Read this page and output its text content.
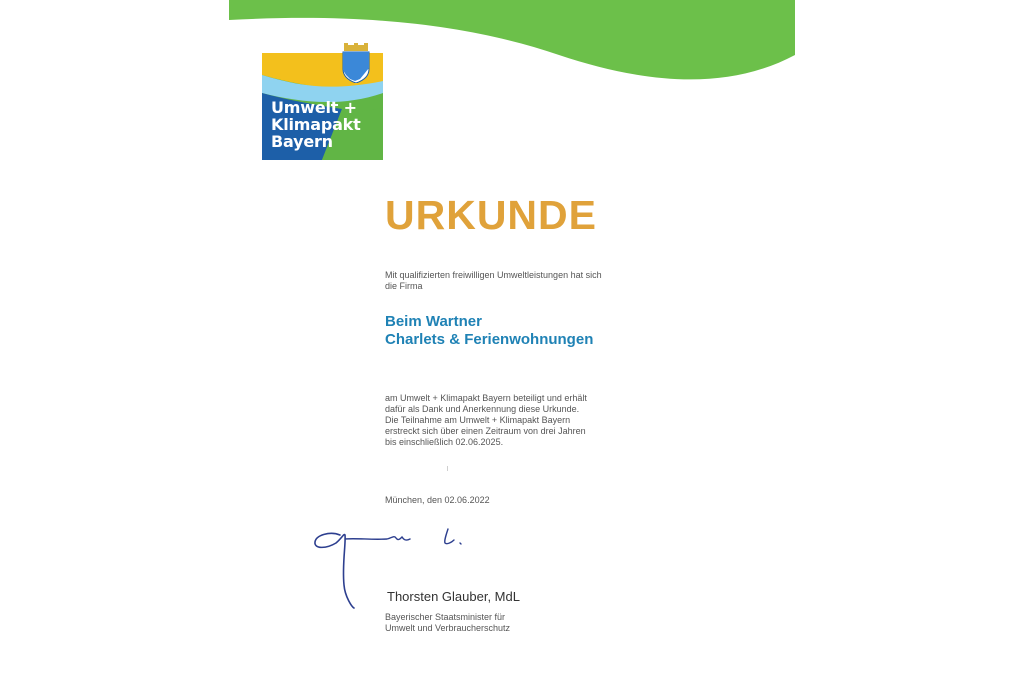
Umwelt +
Klimapakt
Bayern
URKUNDE
Mit qualifizierten freiwilligen Umweltleistungen hat sich
die Firma
Beim Wartner
Charlets & Ferienwohnungen
am Umwelt + Klimapakt Bayern beteiligt und erhält
dafür als Dank und Anerkennung diese Urkunde.
Die Teilnahme am Umwelt + Klimapakt Bayern
erstreckt sich über einen Zeitraum von drei Jahren
bis einschließlich 02.06.2025.
München, den 02.06.2022
Thorsten Glauber, MdL
Bayerischer Staatsminister für
Umwelt und Verbraucherschutz
